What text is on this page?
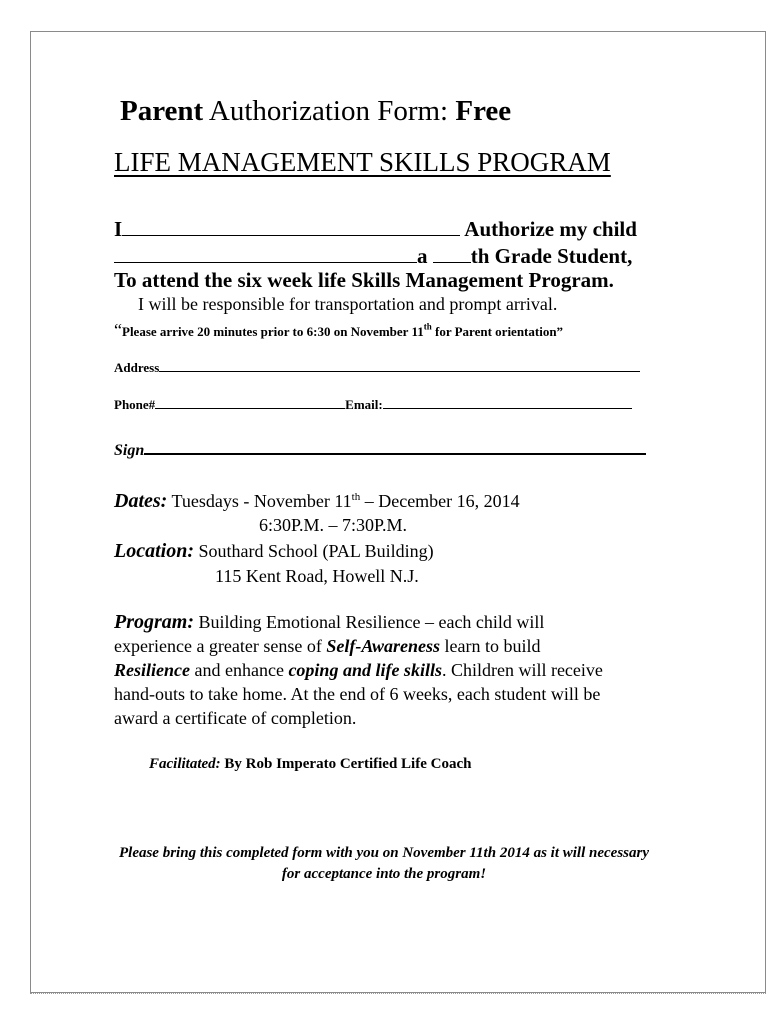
Parent Authorization Form: Free
LIFE MANAGEMENT SKILLS PROGRAM
I	Authorize my child
a th Grade Student,
To attend the six week life Skills Management Program.
I will be responsible for transportation and prompt arrival.
“Please arrive 20 minutes prior to 6:30 on November 11th for Parent orientation”
Address
Phone#	Email:
Sign
Dates: Tuesdays - November 11th – December 16, 2014
6:30P.M. – 7:30P.M.
Location: Southard School (PAL Building)
115 Kent Road, Howell N.J.
Program: Building Emotional Resilience – each child will experience a greater sense of Self-Awareness learn to build Resilience and enhance coping and life skills. Children will receive hand-outs to take home. At the end of 6 weeks, each student will be award a certificate of completion.
Facilitated: By Rob Imperato Certified Life Coach
Please bring this completed form with you on November 11th 2014 as it will necessary for acceptance into the program!
